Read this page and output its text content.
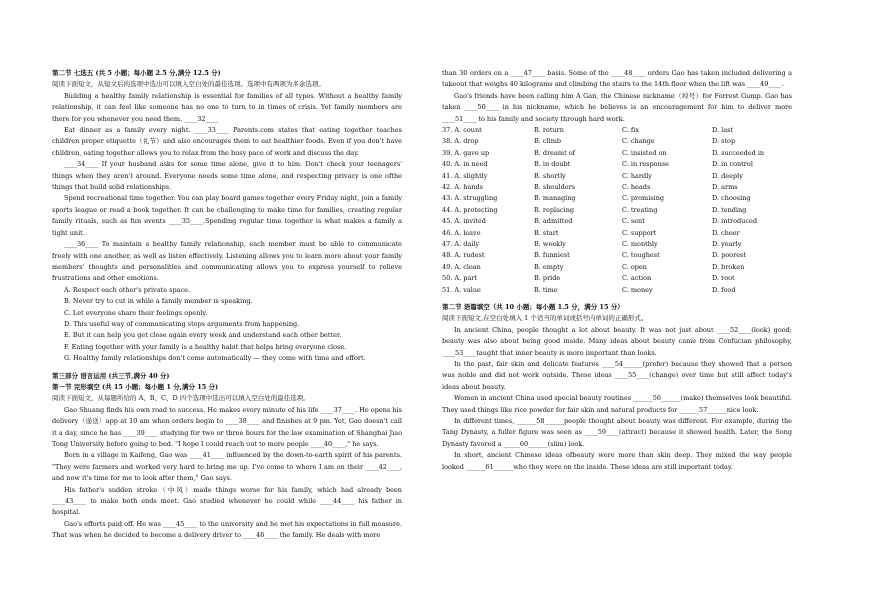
第二节 七选五 (共 5 小题；每小题 2.5 分,满分 12.5 分)

阅读下面短文，从短文后的选项中选出可以填入空白处的最佳选项。选项中有两项为多余选项。

Building a healthy family relationship is essential for families of all types. Without a healthy family relationship, it can feel like someone has no one to turn to in times of crisis. Yet family members are there for you whenever you need them. ____32____

Eat dinner as a family every night. ____33____ Parents.com states that eating together teaches children proper etiquette（礼节）and also encourages them to eat healthier foods. Even if you don't have children, eating together allows you to relax from the busy pace of work and discuss the day.

____34____ If your husband asks for some time alone, give it to him. Don't check your teenagers' things when they aren't around. Everyone needs some time alone, and respecting privacy is one ofthe things that build solid relationships.

Spend recreational time together. You can play board games together every Friday night, join a family sports league or read a book together. It can be challenging to make time for families, creating regular family rituals, such as fun events ____35____.Spending regular time together is what makes a family a tight unit.

____36____ To maintain a healthy family relationship, each member must be able to communicate freely with one another, as well as listen effectively. Listening allows you to learn more about your family members' thoughts and personalities and communicating allows you to express yourself to relieve frustrations and other emotions.

A. Respect each other's private space.

B. Never try to cut in while a family member is speaking.

C. Let everyone share their feelings openly.

D. This useful way of communicating stops arguments from happening.

E. But it can help you get close again every week and understand each other better.

F. Eating together with your family is a healthy habit that helps bring everyone close.

G. Healthy family relationships don't come automatically — they come with time and effort.

第三部分 语言运用 (共三节,满分 40 分)

第一节 完形填空 (共 15 小题；每小题 1 分,满分 15 分)

阅读下面短文，从每题所给的 A、B、C、D 四个选项中选出可以填入空白处的最佳选项。

Gao Shuang finds his own road to success. He makes every minute of his life ____37____. He opens his delivery（递送）app at 10 am when orders begin to ____38____ and finishes at 9 pm. Yet, Gao doesn't call it a day, since he has ____39____ studying for two or three hours for the law examination of Shanghai Jiao Tong University before going to bed. "I hope I could reach out to more people ____40____," he says.

Born in a village in Kaifeng, Gao was ____41____ influenced by the down-to-earth spirit of his parents. "They were farmers and worked very hard to bring me up. I've come to where I am on their ____42____, and now it's time for me to look after them," Gao says.

His father's sudden stroke（中风）made things worse for his family, which had already been ____43____ to make both ends meet. Gao studied whenever he could while ____44____ his father in hospital.

Gao's efforts paid off. He was ____45____ to the university and he met his expectations in full measure. That was when he decided to become a delivery driver to ____46____ the family. He deals with more

than 30 orders on a ____47____ basis. Some of the ____48____ orders Gao has taken included delivering a takeout that weighs 40 kilograms and climbing the stairs to the 14th floor when the lift was ____49____.

Gao's friends have been calling him A Gan, the Chinese nickname（绰号）for Forrest Gump. Gao has taken ____50____ in his nickname, which he believes is an encouragement for him to deliver more ____51____ to his family and society through hard work.

37. A. count	B. return	C. fix	D. last
38. A. drop	B. climb	C. change	D. stop
39. A. gave up	B. dreamt of	C. insisted on	D. succeeded in
40. A. in need	B. in doubt	C. in response	D. in control
41. A. slightly	B. shortly	C. hardly	D. deeply
42. A. hands	B. shoulders	C. heads	D. arms
43. A. struggling	B. managing	C. promising	D. choosing
44. A. protecting	B. replacing	C. treating	D. tending
45. A. invited	B. admitted	C. sent	D. introduced
46. A. leave	B. start	C. support	D. cheer
47. A. daily	B. weekly	C. monthly	D. yearly
48. A. rudest	B. funniest	C. toughest	D. poorest
49. A. clean	B. empty	C. open	D. broken
50. A. part	B. pride	C. action	D. root
51. A. value	B. time	C. money	D. food

第二节 语篇填空（共 10 小题；每小题 1.5 分，满分 15 分）

阅读下面短文,在空白处填入 1 个适当的单词或括号内单词的正确形式。

In ancient China, people thought a lot about beauty. It was not just about ____52____(look) good; beauty was also about being good inside. Many ideas about beauty came from Confucian philosophy, ____53____taught that inner beauty is more important than looks.

In the past, fair skin and delicate features ____54______(prefer) because they showed that a person was noble and did not work outside. These ideas ____55____(change) over time but still affect today's ideas about beauty.

Women in ancient China used special beauty routines ______56______(make) themselves look beautiful. They used things like rice powder for fair skin and natural products for ______57______nice look.

In different times, ______58______people thought about beauty was different. For example, during the Tang Dynasty, a fuller figure was seen as ____59____(attract) because it showed health. Later, the Song Dynasty favored a _____60______(slim) look.

In short, ancient Chinese ideas ofbeauty were more than skin deep. They mixed the way people looked ______61______who they were on the inside. These ideas are still important today.
